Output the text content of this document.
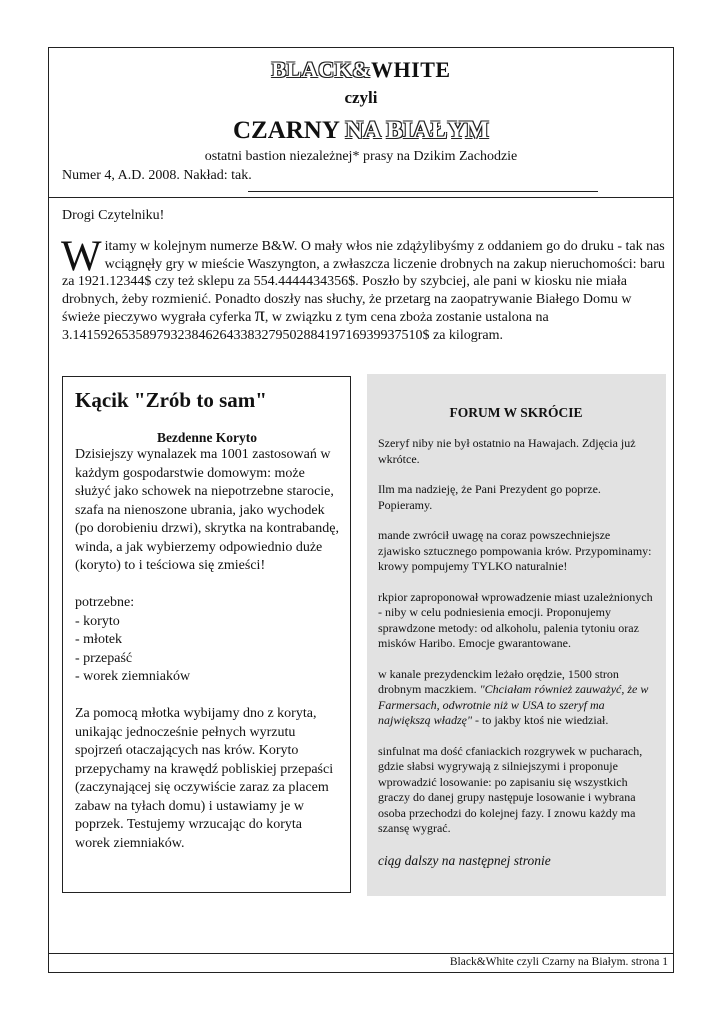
BLACK&WHITE
czyli
CZARNY NA BIAŁYM
ostatni bastion niezależnej* prasy na Dzikim Zachodzie
Numer 4, A.D. 2008. Nakład: tak.
Drogi Czytelniku!

Witamy w kolejnym numerze B&W. O mały włos nie zdążylibyśmy z oddaniem go do druku - tak nas wciągnęły gry w mieście Waszyngton, a zwłaszcza liczenie drobnych na zakup nieruchomości: baru za 1921.12344$ czy też sklepu za 554.4444434356$. Poszło by szybciej, ale pani w kiosku nie miała drobnych, żeby rozmienić. Ponadto doszły nas słuchy, że przetarg na zaopatrywanie Białego Domu w świeże pieczywo wygrała cyferka π, w związku z tym cena zboża zostanie ustalona na 3.14159265358979323846264338327950288419716939937510$ za kilogram.

Kącik "Zrób to sam"
Bezdenne Koryto

Dzisiejszy wynalazek ma 1001 zastosowań w każdym gospodarstwie domowym: może służyć jako schowek na niepotrzebne starocie, szafa na nienoszone ubrania, jako wychodek (po dorobieniu drzwi), skrytka na kontrabandę, winda, a jak wybierzemy odpowiednio duże (koryto) to i teściowa się zmieści!

potrzebne:

- koryto
- młotek
- przepaść
- worek ziemniaków

Za pomocą młotka wybijamy dno z koryta, unikając jednocześnie pełnych wyrzutu spojrzeń otaczających nas krów. Koryto przepychamy na krawędź pobliskiej przepaści (zaczynającej się oczywiście zaraz za placem zabaw na tyłach domu) i ustawiamy je w poprzek. Testujemy wrzucając do koryta worek ziemniaków.

FORUM W SKRÓCIE

Szeryf niby nie był ostatnio na Hawajach. Zdjęcia już wkrótce.

Ilm ma nadzieję, że Pani Prezydent go poprze. Popieramy.

mande zwrócił uwagę na coraz powszechniejsze zjawisko sztucznego pompowania krów. Przypominamy: krowy pompujemy TYLKO naturalnie!

rkpior zaproponował wprowadzenie miast uzależnionych - niby w celu podniesienia emocji. Proponujemy sprawdzone metody: od alkoholu, palenia tytoniu oraz misków Haribo. Emocje gwarantowane.

w kanale prezydenckim leżało orędzie, 1500 stron drobnym maczkiem. "Chciałam również zauważyć, że w Farmersach, odwrotnie niż w USA to szeryf ma największą władzę" - to jakby ktoś nie wiedział.

sinfulnat ma dość cfaniackich rozgrywek w pucharach, gdzie słabsi wygrywają z silniejszymi i proponuje wprowadzić losowanie: po zapisaniu się wszystkich graczy do danej grupy następuje losowanie i wybrana osoba przechodzi do kolejnej fazy. I znowu każdy ma szansę wygrać.

ciąg dalszy na następnej stronie

Black&White czyli Czarny na Białym. strona 1
